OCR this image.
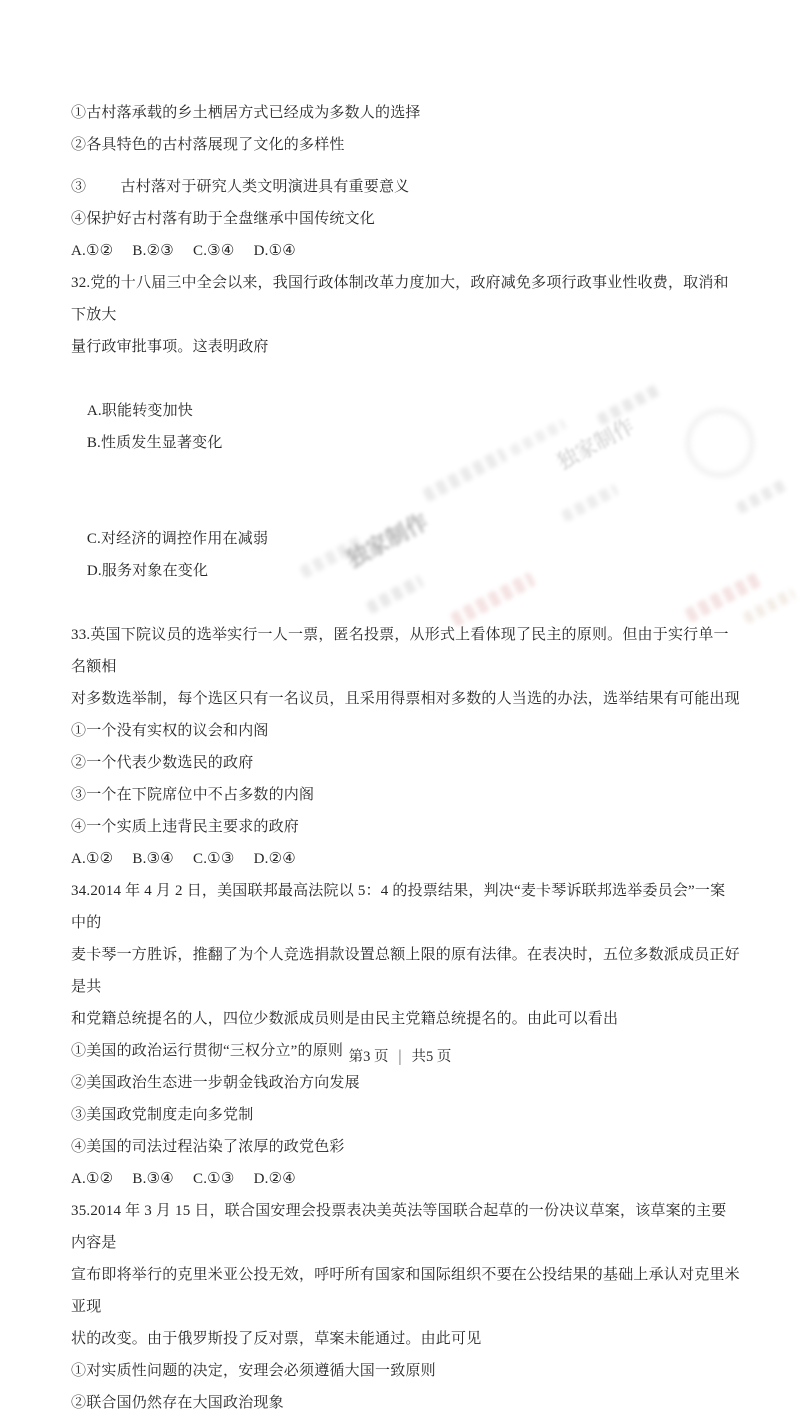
独家制作
独家制作
①古村落承载的乡土栖居方式已经成为多数人的选择
②各具特色的古村落展现了文化的多样性
③　　 古村落对于研究人类文明演进具有重要意义
④保护好古村落有助于全盘继承中国传统文化
A.①②　 B.②③　 C.③④　 D.①④
32.党的十八届三中全会以来，我国行政体制改革力度加大，政府减免多项行政事业性收费，取消和下放大
量行政审批事项。这表明政府

A.职能转变加快
B.性质发生显著变化

C.对经济的调控作用在减弱
D.服务对象在变化

33.英国下院议员的选举实行一人一票，匿名投票，从形式上看体现了民主的原则。但由于实行单一名额相
对多数选举制，每个选区只有一名议员，且采用得票相对多数的人当选的办法，选举结果有可能出现
①一个没有实权的议会和内阁
②一个代表少数选民的政府
③一个在下院席位中不占多数的内阁
④一个实质上违背民主要求的政府
A.①②　 B.③④　 C.①③　 D.②④
34.2014 年 4 月 2 日，美国联邦最高法院以 5：4 的投票结果，判决“麦卡琴诉联邦选举委员会”一案中的
麦卡琴一方胜诉，推翻了为个人竞选捐款设置总额上限的原有法律。在表决时，五位多数派成员正好是共
和党籍总统提名的人，四位少数派成员则是由民主党籍总统提名的。由此可以看出
①美国的政治运行贯彻“三权分立”的原则
②美国政治生态进一步朝金钱政治方向发展
③美国政党制度走向多党制
④美国的司法过程沾染了浓厚的政党色彩
A.①②　 B.③④　 C.①③　 D.②④
35.2014 年 3 月 15 日，联合国安理会投票表决美英法等国联合起草的一份决议草案，该草案的主要内容是
宣布即将举行的克里米亚公投无效，呼吁所有国家和国际组织不要在公投结果的基础上承认对克里米亚现
状的改变。由于俄罗斯投了反对票，草案未能通过。由此可见
①对实质性问题的决定，安理会必须遵循大国一致原则
②联合国仍然存在大国政治现象
第3 页 | 共5 页
